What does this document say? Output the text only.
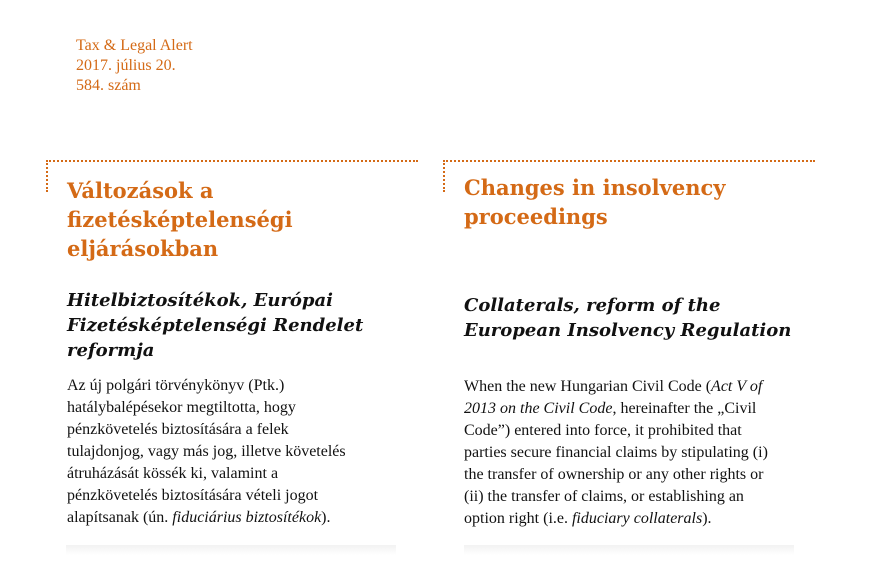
Tax & Legal Alert
2017. július 20.
584. szám
Változások a
fizetésképtelenségi
eljárásokban
Hitelbiztosítékok, Európai
Fizetésképtelenségi Rendelet
reformja
Az új polgári törvénykönyv (Ptk.)
hatálybalépésekor megtiltotta, hogy
pénzkövetelés biztosítására a felek
tulajdonjog, vagy más jog, illetve követelés
átruházását kössék ki, valamint a
pénzkövetelés biztosítására vételi jogot
alapítsanak (ún. fiduciárius biztosítékok).
Changes in insolvency
proceedings
Collaterals, reform of the
European Insolvency Regulation
When the new Hungarian Civil Code (Act V of
2013 on the Civil Code, hereinafter the „Civil
Code”) entered into force, it prohibited that
parties secure financial claims by stipulating (i)
the transfer of ownership or any other rights or
(ii) the transfer of claims, or establishing an
option right (i.e. fiduciary collaterals).
